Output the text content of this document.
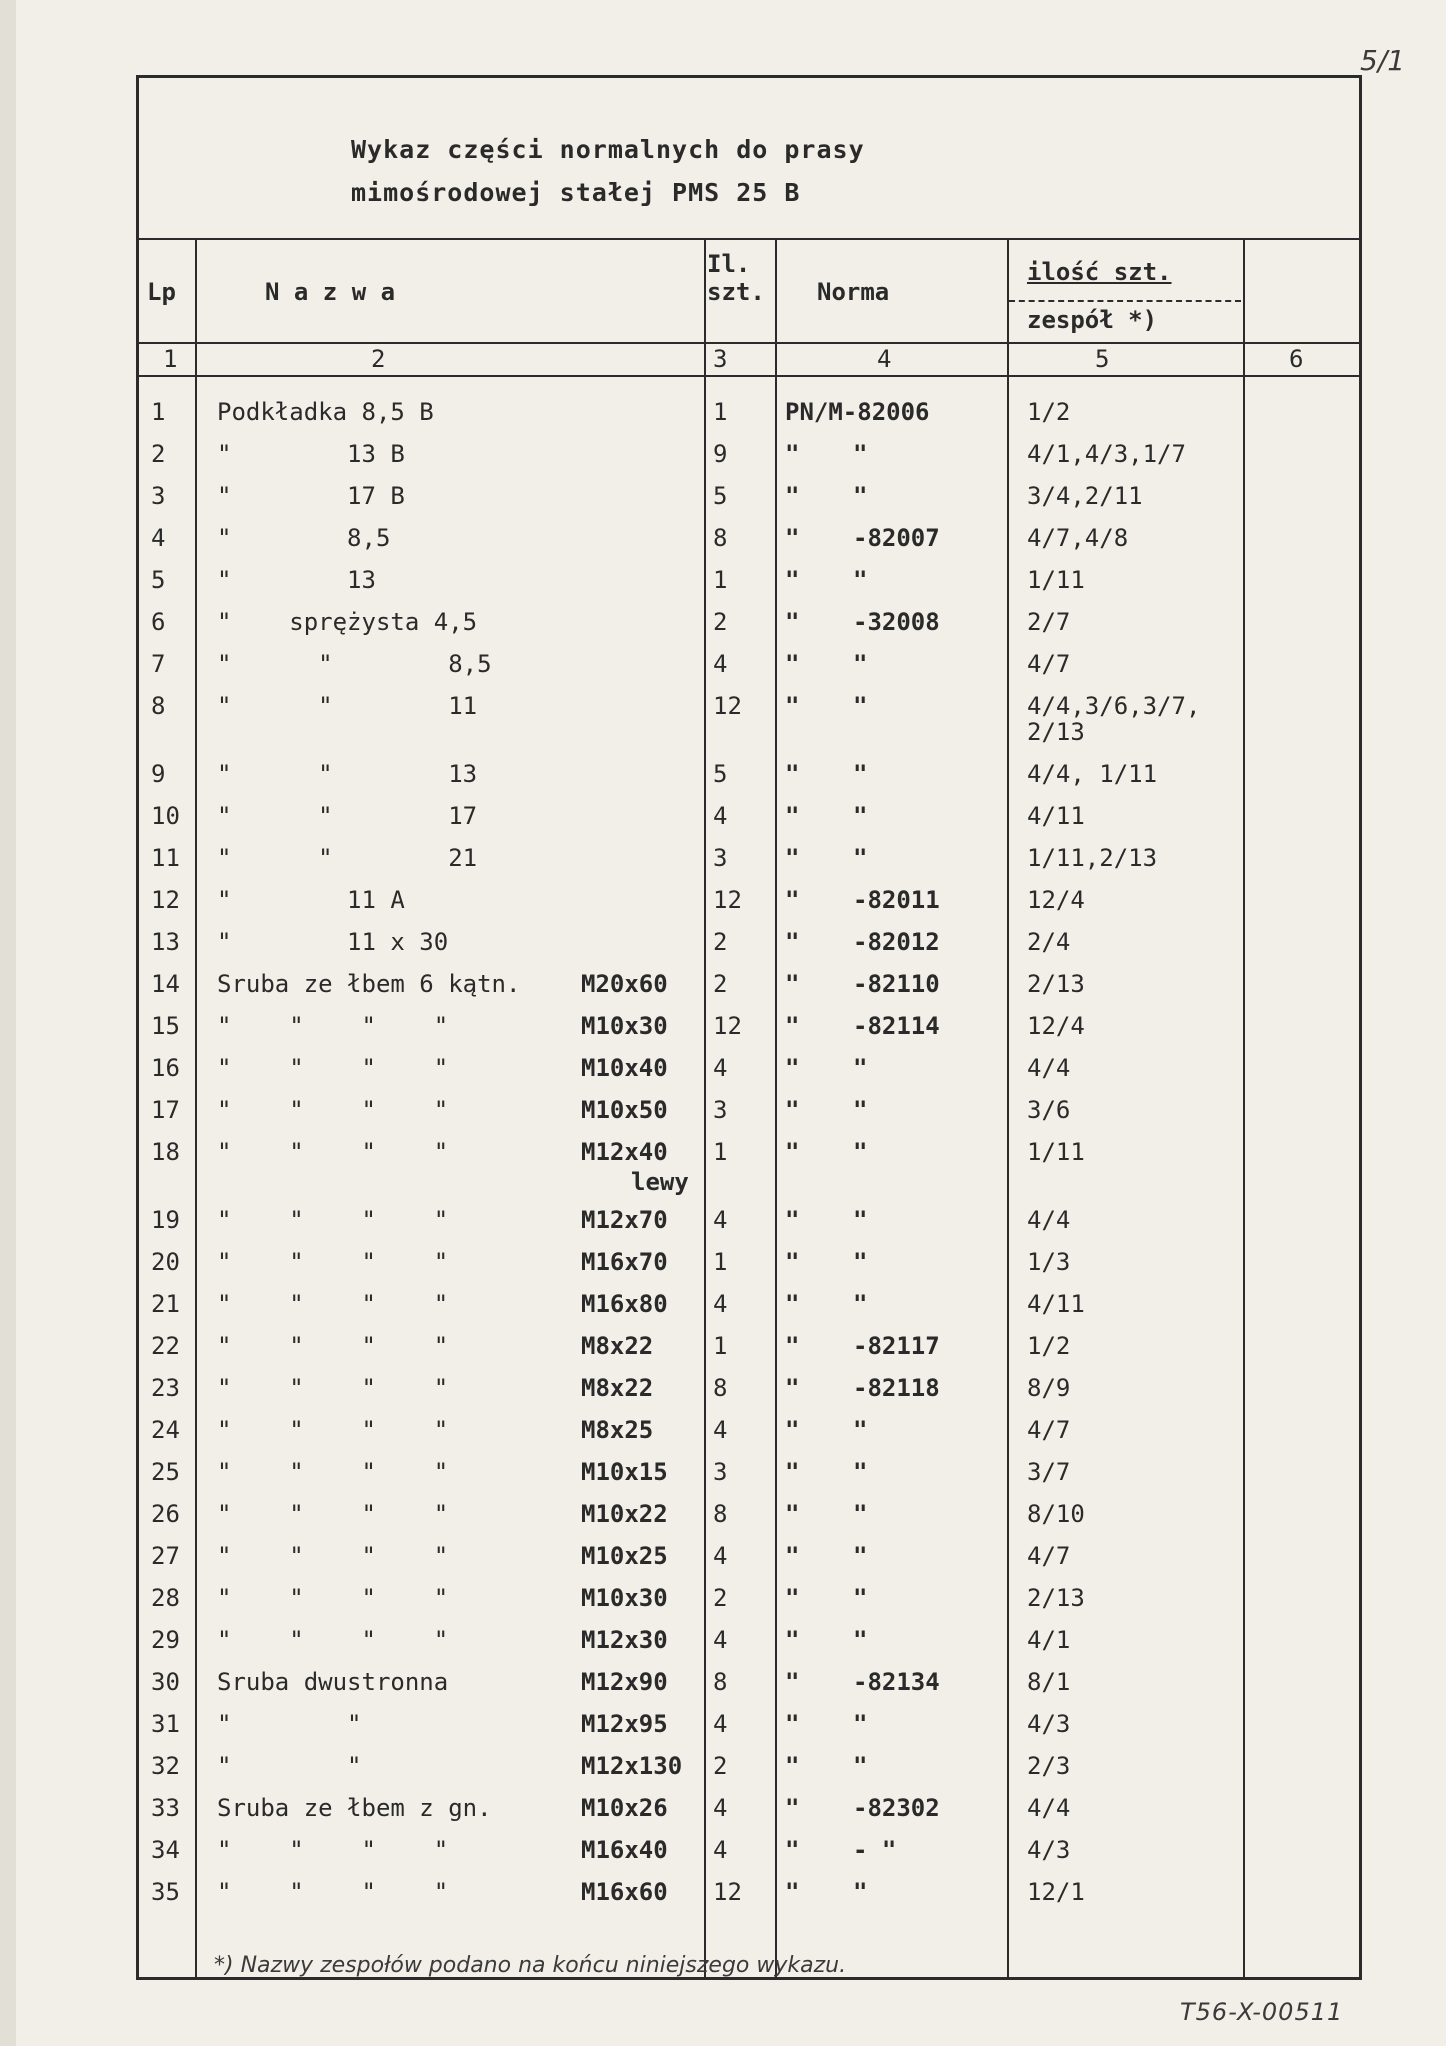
5/1
Wykaz części normalnych do prasy
mimośrodowej stałej PMS 25 B
Lp	N a z w a
Il.
szt. Norma
ilość szt.
zespół *)
1	2	3	4	5	6
1 Podkładka 8,5 B	1 PN/M-82006	1/2
2 "        13 B	9 " "	4/1,4/3,1/7
3 "        17 B	5 " "	3/4,2/11
4 "        8,5	8 " -82007	4/7,4/8
5 "        13	1 " "	1/11
6 "    sprężysta 4,5	2 " -32008	2/7
7 "      "        8,5	4 " "	4/7
8 "      "        11	12 " "	4/4,3/6,3/7,
2/13
9 "      "        13	5 " "	4/4, 1/11
10 "      "        17	4 " "	4/11
11 "      "        21	3 " "	1/11,2/13
12 "        11 A	12 " -82011	12/4
13 "        11 x 30	2 " -82012	2/4
14 Sruba ze łbem 6 kątn.	M20x60 2 " -82110	2/13
15 "    "    "    "	M10x30 12 " -82114	12/4
16 "    "    "    "	M10x40 4 " "	4/4
17 "    "    "    "	M10x50 3 " "	3/6
18 "    "    "    "	M12x40 1 " "	1/11
lewy
19 "    "    "    "	M12x70 4 " "	4/4
20 "    "    "    "	M16x70 1 " "	1/3
21 "    "    "    "	M16x80 4 " "	4/11
22 "    "    "    "	M8x22 1 " -82117	1/2
23 "    "    "    "	M8x22 8 " -82118	8/9
24 "    "    "    "	M8x25 4 " "	4/7
25 "    "    "    "	M10x15 3 " "	3/7
26 "    "    "    "	M10x22 8 " "	8/10
27 "    "    "    "	M10x25 4 " "	4/7
28 "    "    "    "	M10x30 2 " "	2/13
29 "    "    "    "	M12x30 4 " "	4/1
30 Sruba dwustronna	M12x90 8 " -82134	8/1
31 "        "	M12x95 4 " "	4/3
32 "        "	M12x130 2 " "	2/3
33 Sruba ze łbem z gn.	M10x26 4 " -82302	4/4
34 "    "    "    "	M16x40 4 " - "	4/3
35 "    "    "    "	M16x60 12 " "	12/1
*) Nazwy zespołów podano na końcu niniejszego wykazu.
T56-X-00511
